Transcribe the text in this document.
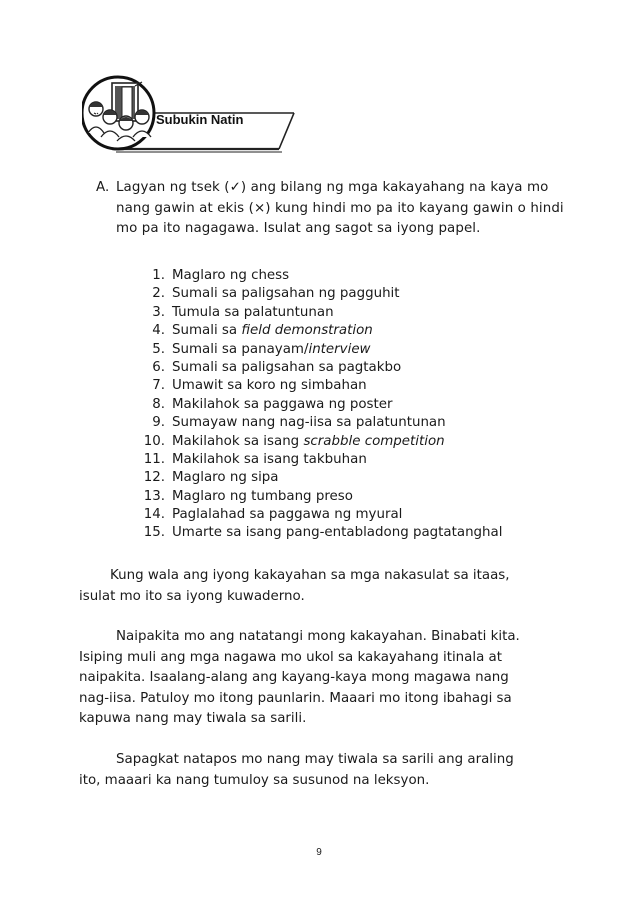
Subukin Natin
A. Lagyan ng tsek (✓) ang bilang ng mga kakayahang na kaya mo nang gawin at ekis (×) kung hindi mo pa ito kayang gawin o hindi mo pa ito nagagawa. Isulat ang sagot sa iyong papel.
1. Maglaro ng chess
2. Sumali sa paligsahan ng pagguhit
3. Tumula sa palatuntunan
4. Sumali sa field demonstration
5. Sumali sa panayam/interview
6. Sumali sa paligsahan sa pagtakbo
7. Umawit sa koro ng simbahan
8. Makilahok sa paggawa ng poster
9. Sumayaw nang nag-iisa sa palatuntunan
10. Makilahok sa isang scrabble competition
11. Makilahok sa isang takbuhan
12. Maglaro ng sipa
13. Maglaro ng tumbang preso
14. Paglalahad sa paggawa ng myural
15. Umarte sa isang pang-entabladong pagtatanghal
Kung wala ang iyong kakayahan sa mga nakasulat sa itaas,
isulat mo ito sa iyong kuwaderno.
Naipakita mo ang natatangi mong kakayahan. Binabati kita.
Isiping muli ang mga nagawa mo ukol sa kakayahang itinala at
naipakita. Isaalang-alang ang kayang-kaya mong magawa nang
nag-iisa. Patuloy mo itong paunlarin. Maaari mo itong ibahagi sa
kapuwa nang may tiwala sa sarili.
Sapagkat natapos mo nang may tiwala sa sarili ang araling
ito, maaari ka nang tumuloy sa susunod na leksyon.
9
